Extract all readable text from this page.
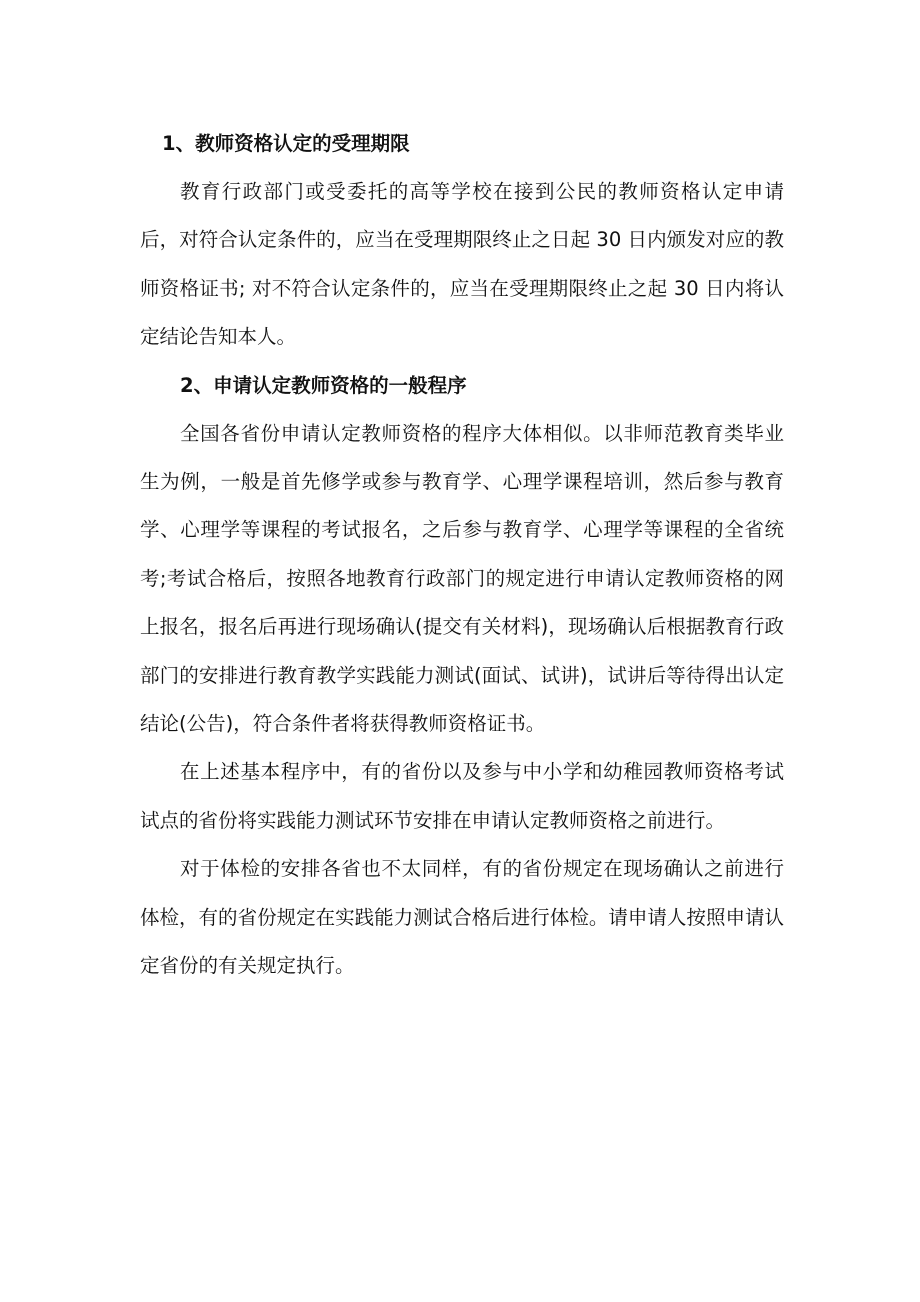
1、教师资格认定的受理期限

教育行政部门或受委托的高等学校在接到公民的教师资格认定申请后，对符合认定条件的，应当在受理期限终止之日起 30 日内颁发对应的教师资格证书; 对不符合认定条件的，应当在受理期限终止之起 30 日内将认定结论告知本人。

2、申请认定教师资格的一般程序

全国各省份申请认定教师资格的程序大体相似。以非师范教育类毕业生为例，一般是首先修学或参与教育学、心理学课程培训，然后参与教育学、心理学等课程的考试报名，之后参与教育学、心理学等课程的全省统考;考试合格后，按照各地教育行政部门的规定进行申请认定教师资格的网上报名，报名后再进行现场确认(提交有关材料)，现场确认后根据教育行政部门的安排进行教育教学实践能力测试(面试、试讲)，试讲后等待得出认定结论(公告)，符合条件者将获得教师资格证书。

在上述基本程序中，有的省份以及参与中小学和幼稚园教师资格考试试点的省份将实践能力测试环节安排在申请认定教师资格之前进行。

对于体检的安排各省也不太同样，有的省份规定在现场确认之前进行体检，有的省份规定在实践能力测试合格后进行体检。请申请人按照申请认定省份的有关规定执行。
